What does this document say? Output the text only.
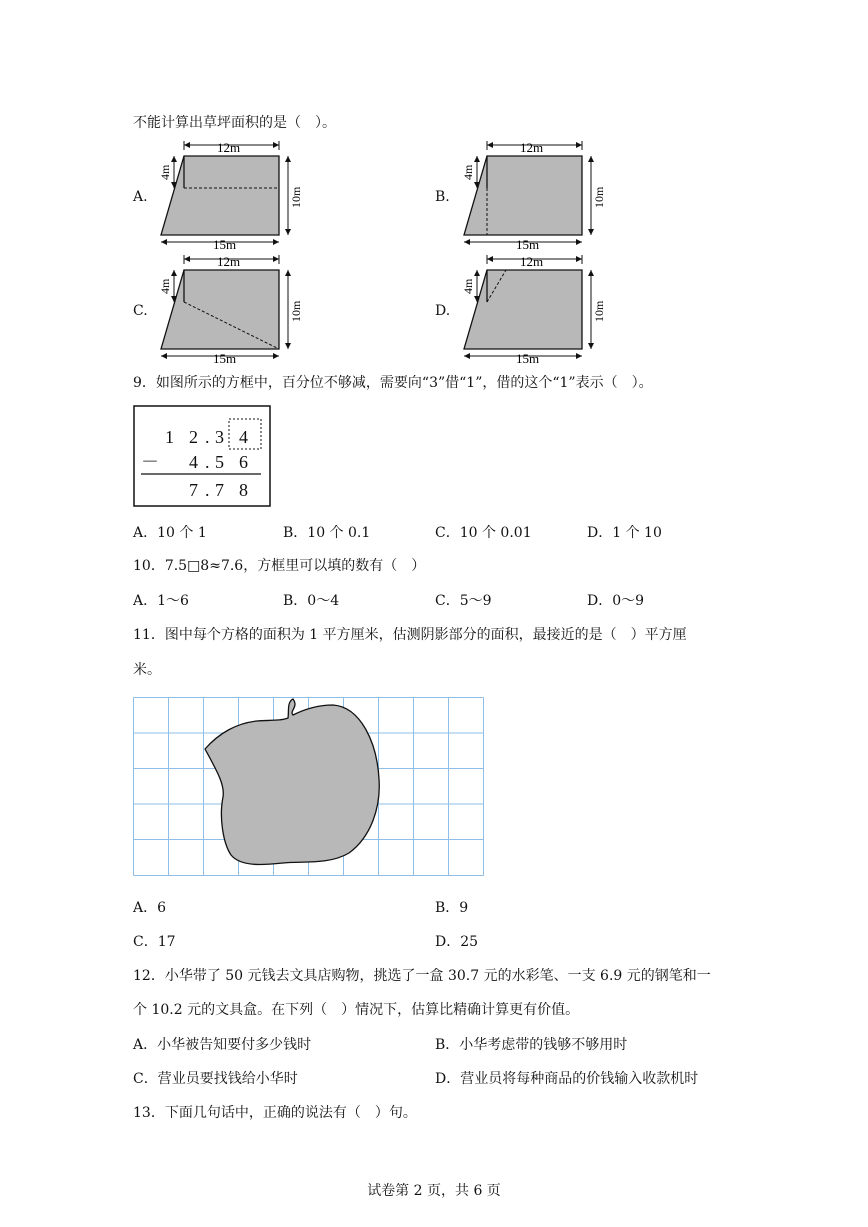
不能计算出草坪面积的是（　）。
A.
12m
15m
4m
10m	B.
12m
15m
4m
10m
C.
12m
15m
4m
10m	D.
12m
15m
4m
10m
9．如图所示的方框中，百分位不够减，需要向“3”借“1”，借的这个“1”表示（　）。
1 2 . 3 4
－ 4 . 5 6
7 . 7 8
A．10 个 1	B．10 个 0.1	C．10 个 0.01	D．1 个 10
10．7.5□8≈7.6，方框里可以填的数有（　）
A．1～6	B．0～4	C．5～9	D．0～9
11．图中每个方格的面积为 1 平方厘米，估测阴影部分的面积，最接近的是（　）平方厘
米。
A．6	B．9
C．17	D．25
12．小华带了 50 元钱去文具店购物，挑选了一盒 30.7 元的水彩笔、一支 6.9 元的钢笔和一
个 10.2 元的文具盒。在下列（　）情况下，估算比精确计算更有价值。
A．小华被告知要付多少钱时	B．小华考虑带的钱够不够用时
C．营业员要找钱给小华时	D．营业员将每种商品的价钱输入收款机时
13．下面几句话中，正确的说法有（　）句。
试卷第 2 页，共 6 页
